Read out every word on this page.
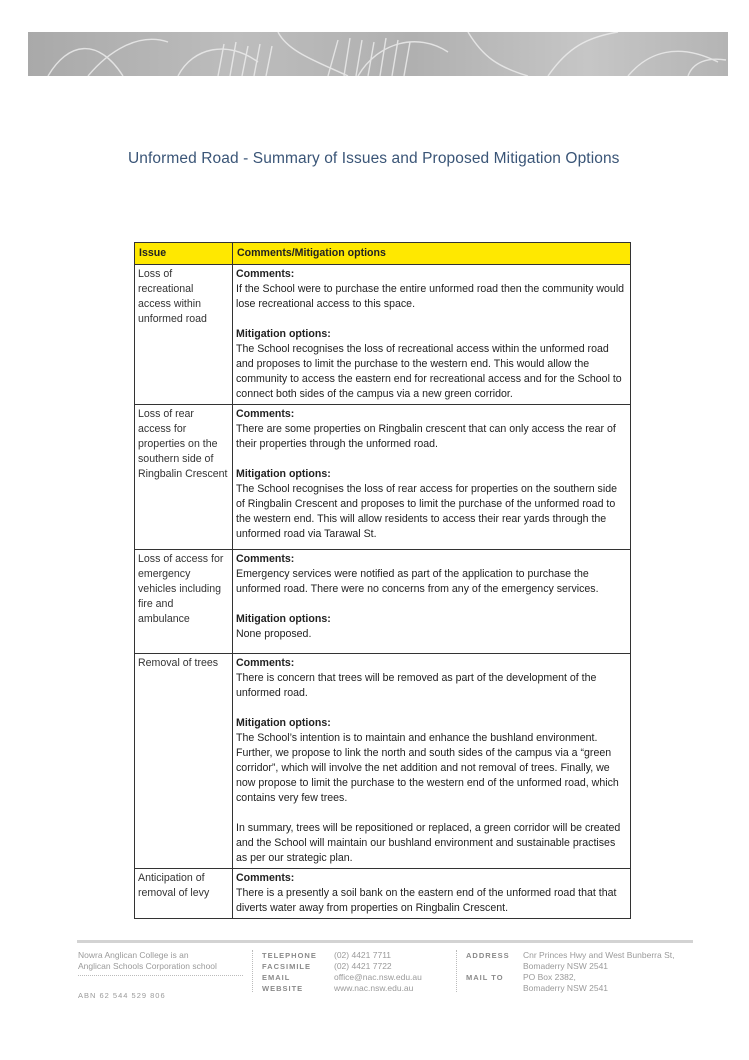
Unformed Road - Summary of Issues and Proposed Mitigation Options
Issue	Comments/Mitigation options
Loss of recreational access within unformed road	Comments:
If the School were to purchase the entire unformed road then the community would lose recreational access to this space.
Mitigation options:
The School recognises the loss of recreational access within the unformed road and proposes to limit the purchase to the western end. This would allow the community to access the eastern end for recreational access and for the School to connect both sides of the campus via a new green corridor.

Loss of rear access for properties on the southern side of Ringbalin Crescent	Comments:
There are some properties on Ringbalin crescent that can only access the rear of their properties through the unformed road.
Mitigation options:
The School recognises the loss of rear access for properties on the southern side of Ringbalin Crescent and proposes to limit the purchase of the unformed road to the western end. This will allow residents to access their rear yards through the unformed road via Tarawal St.

Loss of access for emergency vehicles including fire and ambulance	Comments:
Emergency services were notified as part of the application to purchase the unformed road. There were no concerns from any of the emergency services.
Mitigation options:
None proposed.

Removal of trees	Comments:
There is concern that trees will be removed as part of the development of the unformed road.
Mitigation options:
The School’s intention is to maintain and enhance the bushland environment. Further, we propose to link the north and south sides of the campus via a “green corridor”, which will involve the net addition and not removal of trees. Finally, we now propose to limit the purchase to the western end of the unformed road, which contains very few trees.
In summary, trees will be repositioned or replaced, a green corridor will be created and the School will maintain our bushland environment and sustainable practises as per our strategic plan.

Anticipation of removal of levy	Comments:
There is a presently a soil bank on the eastern end of the unformed road that that diverts water away from properties on Ringbalin Crescent.
Nowra Anglican College is an
Anglican Schools Corporation school
ABN 62 544 529 806
TELEPHONE
FACSIMILE
EMAIL
WEBSITE
(02) 4421 7711
(02) 4421 7722
office@nac.nsw.edu.au
www.nac.nsw.edu.au
ADDRESS
MAIL TO
Cnr Princes Hwy and West Bunberra St,
Bomaderry NSW 2541
PO Box 2382,
Bomaderry NSW 2541
